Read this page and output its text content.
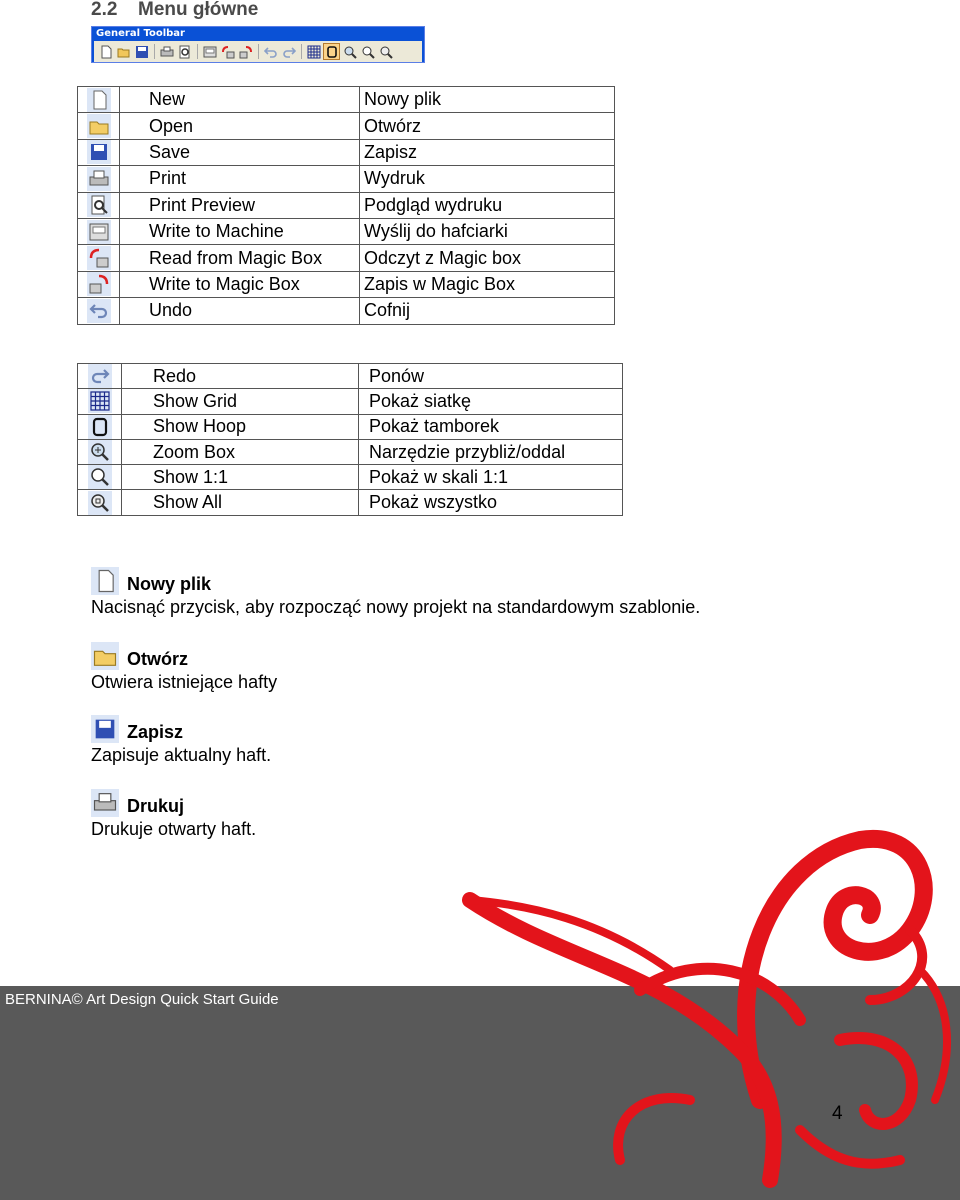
2.2 Menu główne
General Toolbar
	New	Nowy plik

	Open	Otwórz

	Save	Zapisz

	Print	Wydruk

	Print Preview	Podgląd wydruku

	Write to Machine	Wyślij do hafciarki

	Read from Magic Box	Odczyt z Magic box

	Write to Magic Box	Zapis w Magic Box

	Undo	Cofnij
	Redo	Ponów

	Show Grid	Pokaż siatkę

	Show Hoop	Pokaż tamborek

	Zoom Box	Narzędzie przybliż/oddal

	Show 1:1	Pokaż w skali 1:1

	Show All	Pokaż wszystko
Nowy plik
Nacisnąć przycisk, aby rozpocząć nowy projekt na standardowym szablonie.
Otwórz
Otwiera istniejące hafty
Zapisz
Zapisuje aktualny haft.
Drukuj
Drukuje otwarty haft.
BERNINA© Art Design Quick Start Guide
4
